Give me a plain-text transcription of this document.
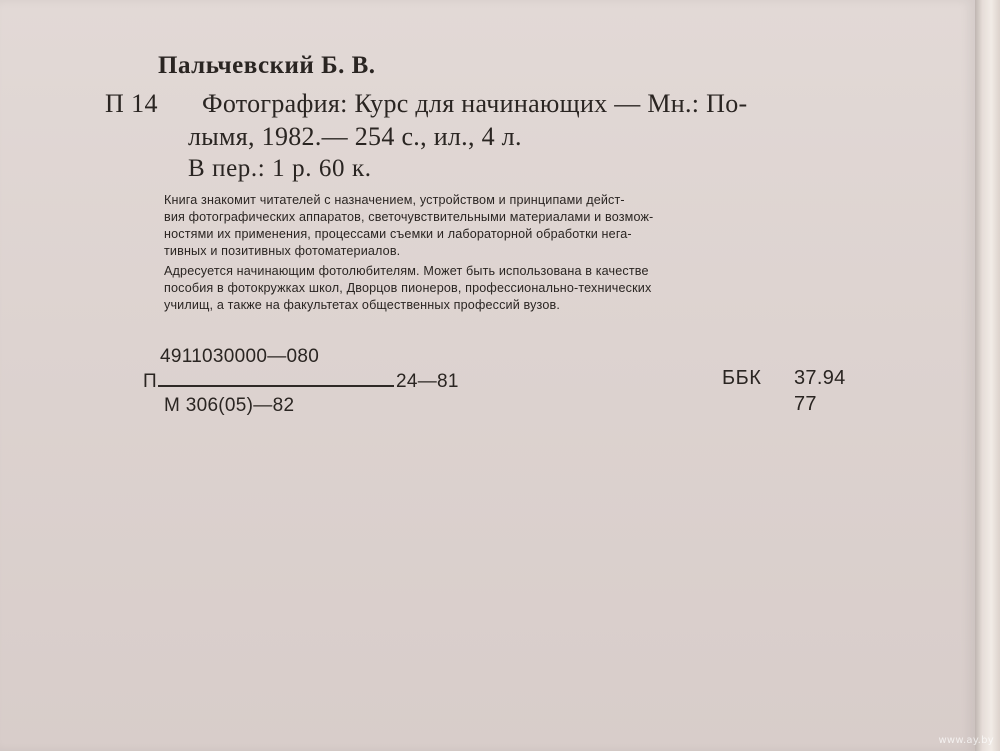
Пальчевский Б. В.
П 14 Фотография: Курс для начинающих — Мн.: По-
лымя, 1982.— 254 с., ил., 4 л.
В пер.: 1 р. 60 к.
Книга знакомит читателей с назначением, устройством и принципами дейст-
вия фотографических аппаратов, светочувствительными материалами и возмож-
ностями их применения, процессами съемки и лабораторной обработки нега-
тивных и позитивных фотоматериалов.
Адресуется начинающим фотолюбителям. Может быть использована в качестве
пособия в фотокружках школ, Дворцов пионеров, профессионально-технических
училищ, а также на факультетах общественных профессий вузов.
4911030000—080
П	24—81
М 306(05)—82
ББК 37.94
77
www.ay.by
